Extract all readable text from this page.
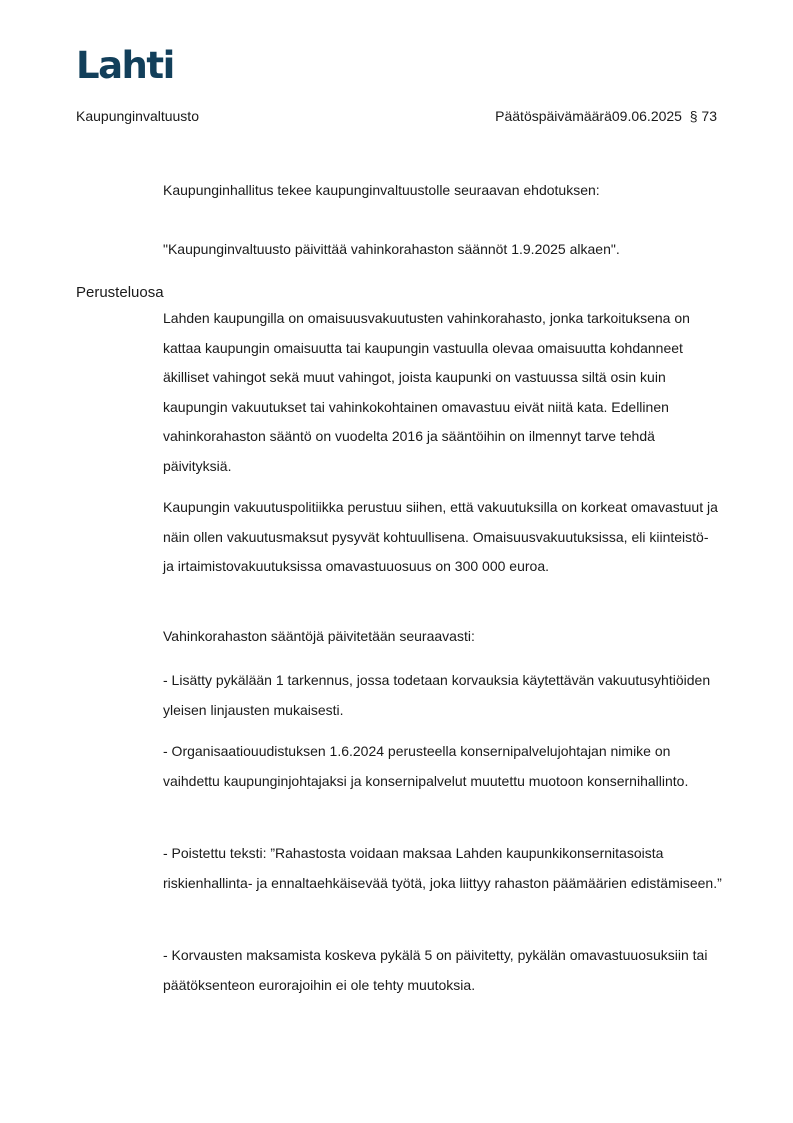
Lahti
Kaupunginvaltuusto	Päätöspäivämäärä09.06.2025 § 73

Kaupunginhallitus tekee kaupunginvaltuustolle seuraavan ehdotuksen:

"Kaupunginvaltuusto päivittää vahinkorahaston säännöt 1.9.2025 alkaen".

Perusteluosa

Lahden kaupungilla on omaisuusvakuutusten vahinkorahasto, jonka tarkoituksena on kattaa kaupungin omaisuutta tai kaupungin vastuulla olevaa omaisuutta kohdanneet äkilliset vahingot sekä muut vahingot, joista kaupunki on vastuussa siltä osin kuin kaupungin vakuutukset tai vahinkokohtainen omavastuu eivät niitä kata. Edellinen vahinkorahaston sääntö on vuodelta 2016 ja sääntöihin on ilmennyt tarve tehdä päivityksiä.

Kaupungin vakuutuspolitiikka perustuu siihen, että vakuutuksilla on korkeat omavastuut ja näin ollen vakuutusmaksut pysyvät kohtuullisena. Omaisuusvakuutuksissa, eli kiinteistö- ja irtaimistovakuutuksissa omavastuuosuus on 300 000 euroa.

Vahinkorahaston sääntöjä päivitetään seuraavasti:

- Lisätty pykälään 1 tarkennus, jossa todetaan korvauksia käytettävän vakuutusyhtiöiden yleisen linjausten mukaisesti.

- Organisaatiouudistuksen 1.6.2024 perusteella konsernipalvelujohtajan nimike on vaihdettu kaupunginjohtajaksi ja konsernipalvelut muutettu muotoon konsernihallinto.

- Poistettu teksti: ”Rahastosta voidaan maksaa Lahden kaupunkikonsernitasoista riskienhallinta- ja ennaltaehkäisevää työtä, joka liittyy rahaston päämäärien edistämiseen.”

- Korvausten maksamista koskeva pykälä 5 on päivitetty, pykälän omavastuuosuksiin tai päätöksenteon eurorajoihin ei ole tehty muutoksia.
